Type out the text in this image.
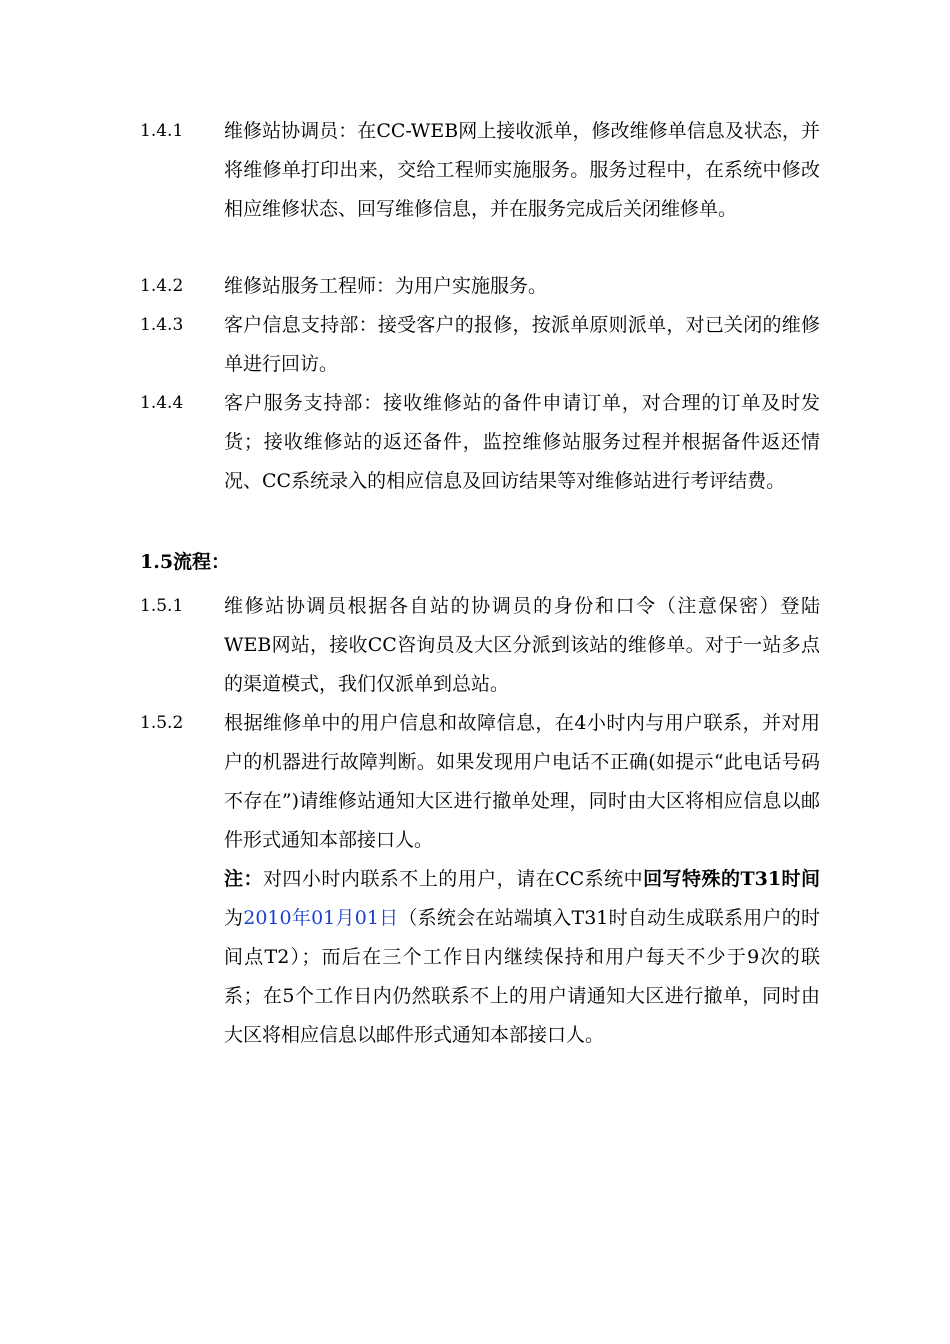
1.4.1	维修站协调员：在CC-WEB网上接收派单，修改维修单信息及状态，并将维修单打印出来，交给工程师实施服务。服务过程中，在系统中修改相应维修状态、回写维修信息，并在服务完成后关闭维修单。
1.4.2	维修站服务工程师：为用户实施服务。
1.4.3	客户信息支持部：接受客户的报修，按派单原则派单，对已关闭的维修单进行回访。
1.4.4	客户服务支持部：接收维修站的备件申请订单，对合理的订单及时发货；接收维修站的返还备件，监控维修站服务过程并根据备件返还情况、CC系统录入的相应信息及回访结果等对维修站进行考评结费。
1.5流程：
1.5.1	维修站协调员根据各自站的协调员的身份和口令（注意保密）登陆WEB网站，接收CC咨询员及大区分派到该站的维修单。对于一站多点的渠道模式，我们仅派单到总站。
1.5.2	根据维修单中的用户信息和故障信息，在4小时内与用户联系，并对用户的机器进行故障判断。如果发现用户电话不正确(如提示“此电话号码不存在”)请维修站通知大区进行撤单处理，同时由大区将相应信息以邮件形式通知本部接口人。
注：对四小时内联系不上的用户，请在CC系统中回写特殊的T31时间为2010年01月01日（系统会在站端填入T31时自动生成联系用户的时间点T2）；而后在三个工作日内继续保持和用户每天不少于9次的联系；在5个工作日内仍然联系不上的用户请通知大区进行撤单，同时由大区将相应信息以邮件形式通知本部接口人。
